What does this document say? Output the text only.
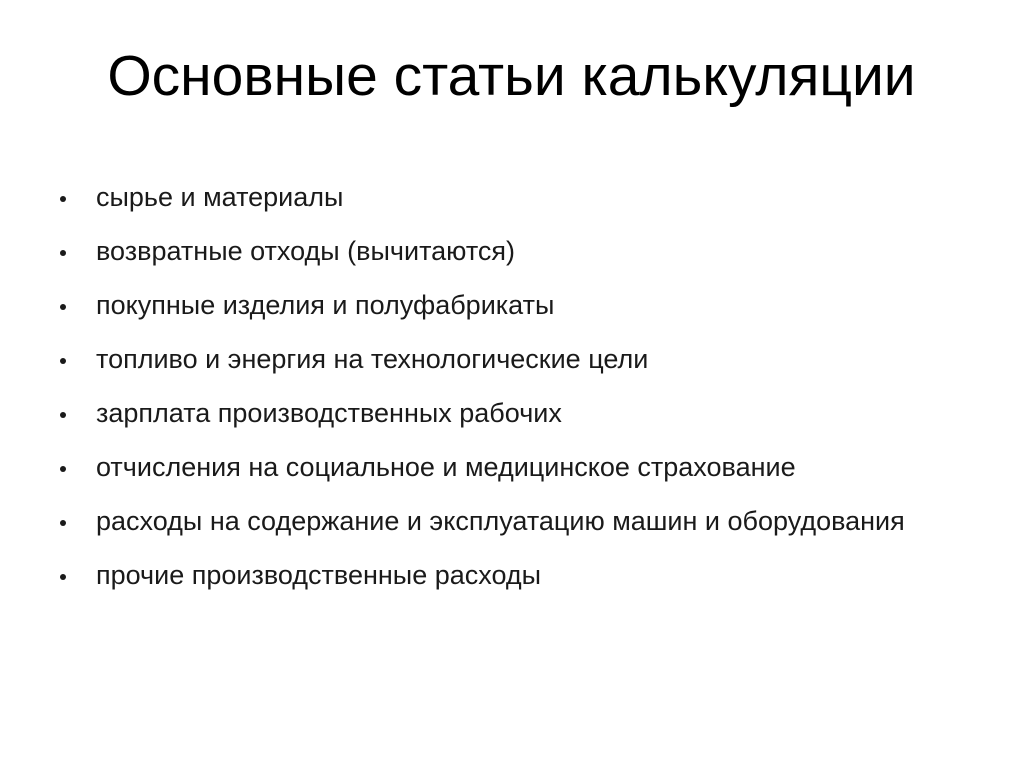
Основные статьи калькуляции
сырье и материалы
возвратные отходы (вычитаются)
покупные изделия и полуфабрикаты
топливо и энергия на технологические цели
зарплата производственных рабочих
отчисления на социальное и медицинское страхование
расходы на содержание и эксплуатацию машин и оборудования
прочие производственные расходы
